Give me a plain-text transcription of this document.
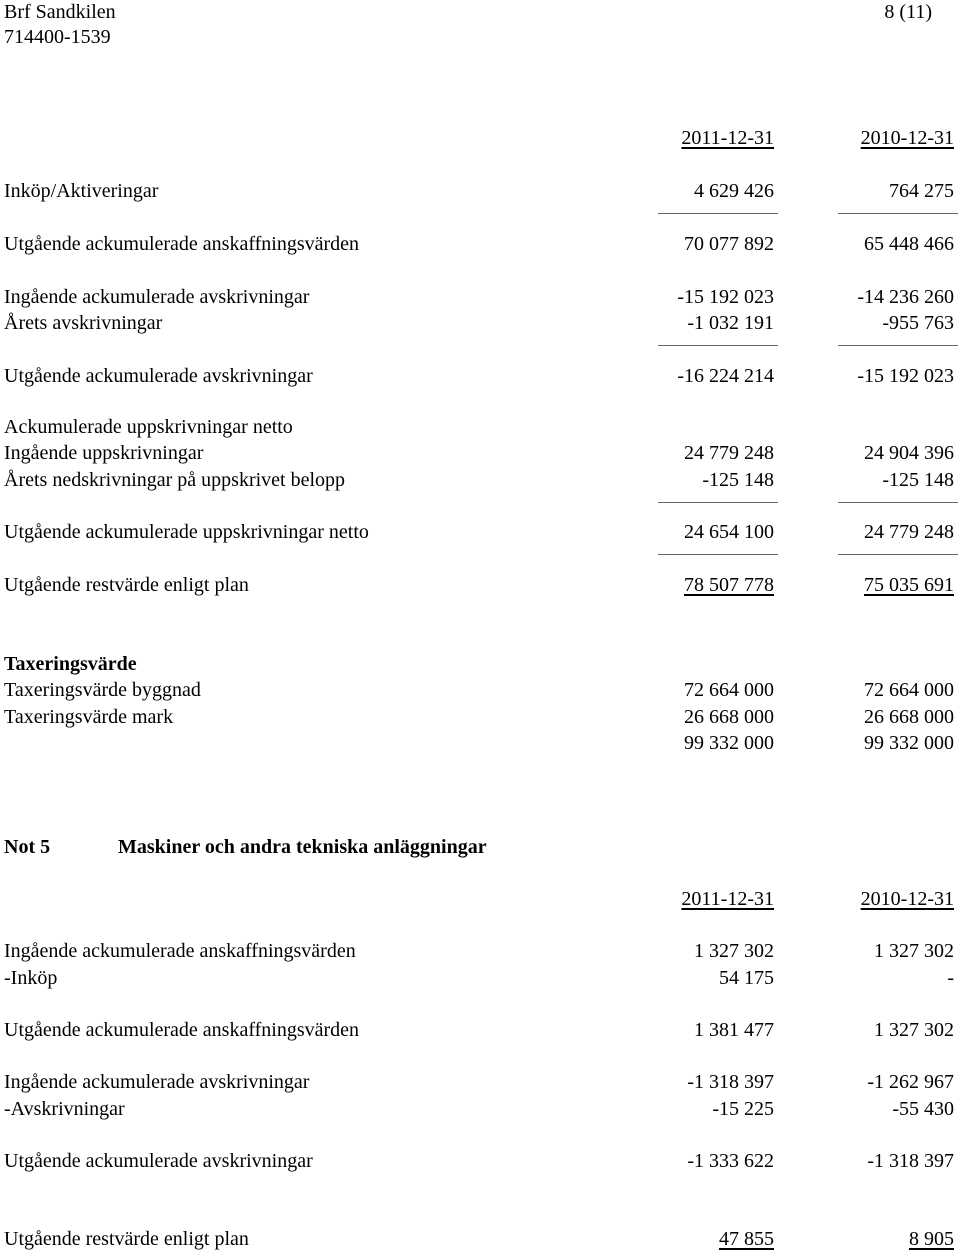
Brf Sandkilen
714400-1539
8 (11)
2011-12-31	2010-12-31
Inköp/Aktiveringar	4 629 426	764 275
Utgående ackumulerade anskaffningsvärden	70 077 892	65 448 466
Ingående ackumulerade avskrivningar	-15 192 023	-14 236 260
Årets avskrivningar	-1 032 191	-955 763
Utgående ackumulerade avskrivningar	-16 224 214	-15 192 023
Ackumulerade uppskrivningar netto
Ingående uppskrivningar	24 779 248	24 904 396
Årets nedskrivningar på uppskrivet belopp	-125 148	-125 148
Utgående ackumulerade uppskrivningar netto	24 654 100	24 779 248
Utgående restvärde enligt plan	78 507 778	75 035 691
Taxeringsvärde
Taxeringsvärde byggnad	72 664 000	72 664 000
Taxeringsvärde mark	26 668 000	26 668 000
99 332 000	99 332 000
Not 5	Maskiner och andra tekniska anläggningar
2011-12-31	2010-12-31
Ingående ackumulerade anskaffningsvärden	1 327 302	1 327 302
-Inköp	54 175	-
Utgående ackumulerade anskaffningsvärden	1 381 477	1 327 302
Ingående ackumulerade avskrivningar	-1 318 397	-1 262 967
-Avskrivningar	-15 225	-55 430
Utgående ackumulerade avskrivningar	-1 333 622	-1 318 397
Utgående restvärde enligt plan	47 855	8 905
